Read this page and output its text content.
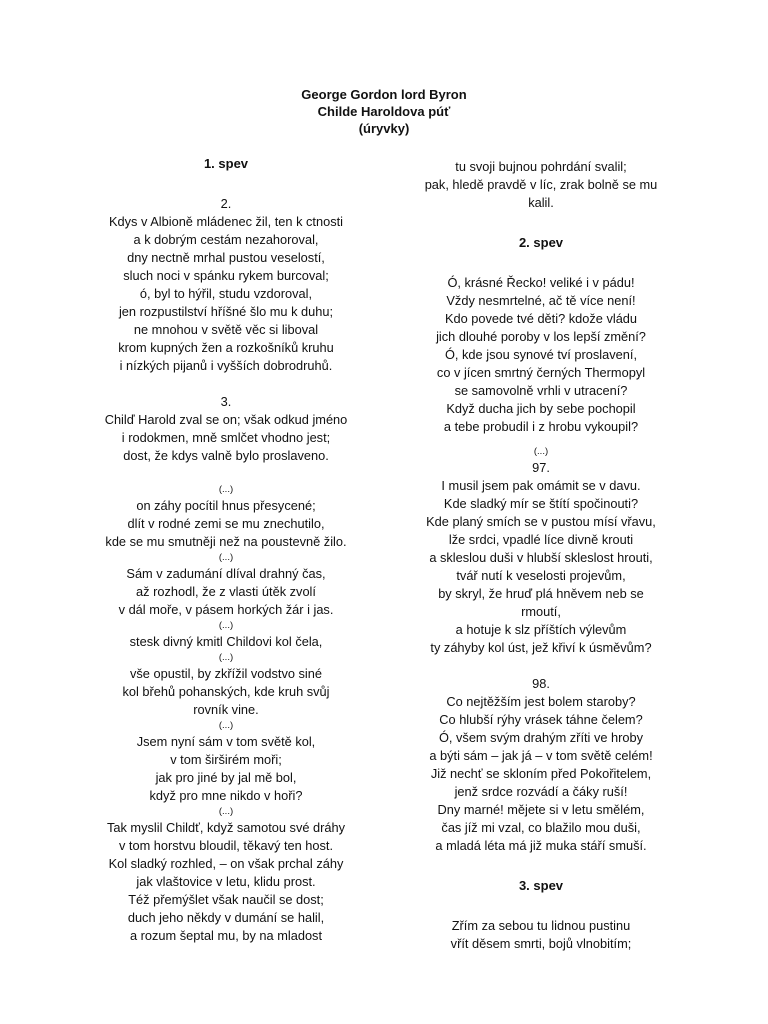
George Gordon lord Byron
Childe Haroldova púť
(úryvky)
1. spev
2.
Kdys v Albioně mládenec žil, ten k ctnosti
a k dobrým cestám nezahoroval,
dny nectně mrhal pustou veselostí,
sluch noci v spánku rykem burcoval;
ó, byl to hýřil, studu vzdoroval,
jen rozpustilství hříšné šlo mu k duhu;
ne mnohou v světě věc si liboval
krom kupných žen a rozkošníků kruhu
i nízkých pijanů i vyšších dobrodruhů.
3.
Chilď Harold zval se on; však odkud jméno
i rodokmen, mně smlčet vhodno jest;
dost, že kdys valně bylo proslaveno.
(...)
on záhy pocítil hnus přesycené;
dlít v rodné zemi se mu znechutilo,
kde se mu smutněji než na poustevně žilo.
(...)
Sám v zadumání dlíval drahný čas,
až rozhodl, že z vlasti útěk zvolí
v dál moře, v pásem horkých žár i jas.
(...)
stesk divný kmitl Childovi kol čela,
(...)
vše opustil, by zkřížil vodstvo siné
kol břehů pohanských, kde kruh svůj
rovník vine.
(...)
Jsem nyní sám v tom světě kol,
v tom širširém moři;
jak pro jiné by jal mě bol,
když pro mne nikdo v hoři?
(...)
Tak myslil Childť, když samotou své dráhy
v tom horstvu bloudil, těkavý ten host.
Kol sladký rozhled, – on však prchal záhy
jak vlaštovice v letu, klidu prost.
Též přemýšlet však naučil se dost;
duch jeho někdy v dumání se halil,
a rozum šeptal mu, by na mladost
tu svoji bujnou pohrdání svalil;
pak, hledě pravdě v líc, zrak bolně se mu
kalil.
2. spev
Ó, krásné Řecko! veliké i v pádu!
Vždy nesmrtelné, ač tě více není!
Kdo povede tvé děti? kdože vládu
jich dlouhé poroby v los lepší změní?
Ó, kde jsou synové tví proslavení,
co v jícen smrtný černých Thermopyl
se samovolně vrhli v utracení?
Když ducha jich by sebe pochopil
a tebe probudil i z hrobu vykoupil?
(...)
97.
I musil jsem pak omámit se v davu.
Kde sladký mír se štítí spočinouti?
Kde planý smích se v pustou mísí vřavu,
lže srdci, vpadlé líce divně krouti
a skleslou duši v hlubší skleslost hrouti,
tvář nutí k veselosti projevům,
by skryl, že hruď plá hněvem neb se
rmoutí,
a hotuje k slz příštích výlevům
ty záhyby kol úst, jež křiví k úsměvům?
98.
Co nejtěžším jest bolem staroby?
Co hlubší rýhy vrásek táhne čelem?
Ó, všem svým drahým zříti ve hroby
a býti sám – jak já – v tom světě celém!
Již nechť se skloním před Pokořitelem,
jenž srdce rozvádí a čáky ruší!
Dny marné! mějete si v letu smělém,
čas jíž mi vzal, co blažilo mou duši,
a mladá léta má již muka stáří smuší.
3. spev
Zřím za sebou tu lidnou pustinu
vřít děsem smrti, bojů vlnobitím;
